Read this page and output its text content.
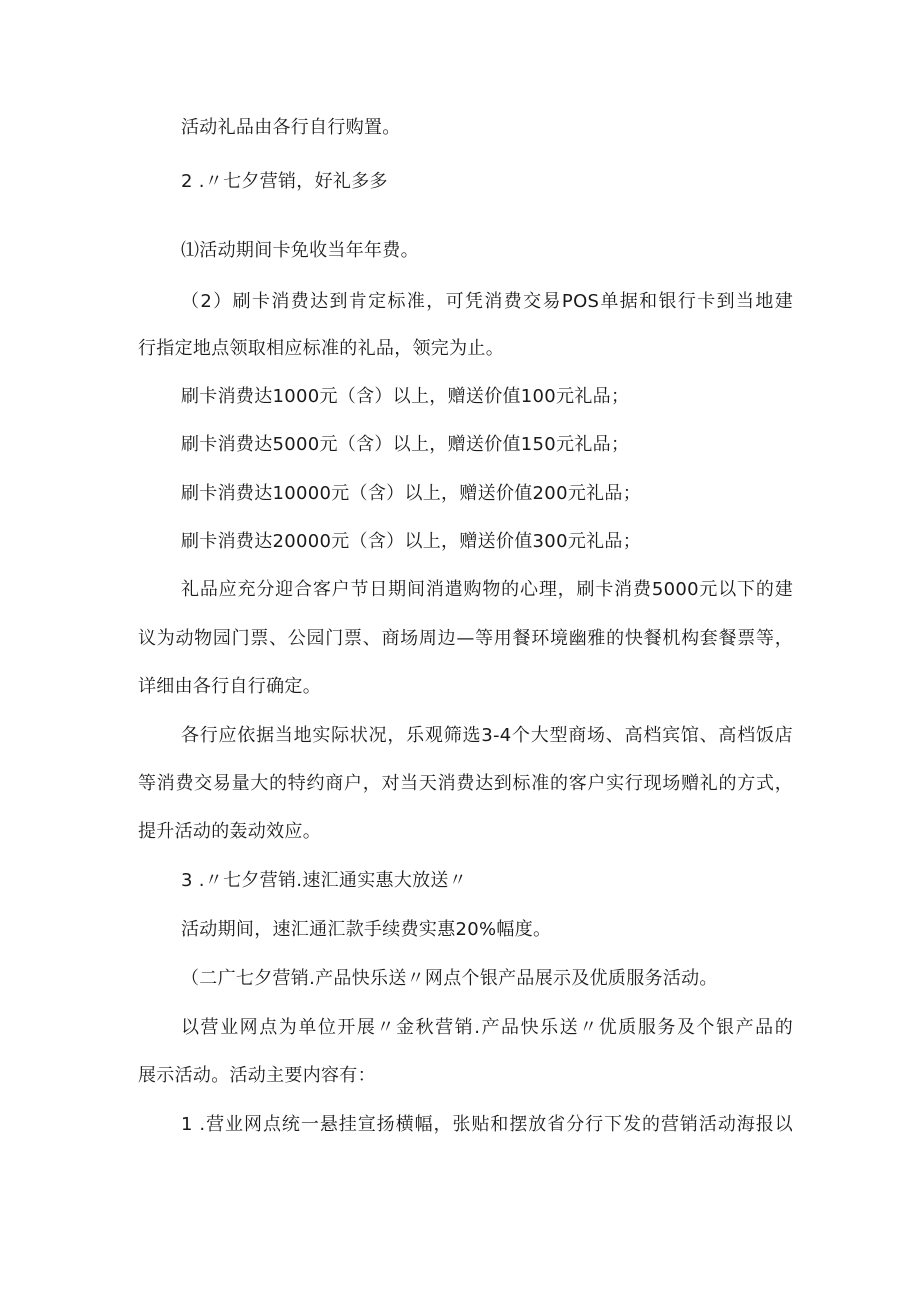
活动礼品由各行自行购置。
2 .〃七夕营销，好礼多多
⑴活动期间卡免收当年年费。
（2）刷卡消费达到肯定标准，可凭消费交易POS单据和银行卡到当地建
行指定地点领取相应标准的礼品，领完为止。
刷卡消费达1000元（含）以上，赠送价值100元礼品；
刷卡消费达5000元（含）以上，赠送价值150元礼品；
刷卡消费达10000元（含）以上，赠送价值200元礼品；
刷卡消费达20000元（含）以上，赠送价值300元礼品；
礼品应充分迎合客户节日期间消遣购物的心理，刷卡消费5000元以下的建
议为动物园门票、公园门票、商场周边—等用餐环境幽雅的快餐机构套餐票等，
详细由各行自行确定。
各行应依据当地实际状况，乐观筛选3-4个大型商场、高档宾馆、高档饭店
等消费交易量大的特约商户，对当天消费达到标准的客户实行现场赠礼的方式，
提升活动的轰动效应。
3 .〃七夕营销.速汇通实惠大放送〃
活动期间，速汇通汇款手续费实惠20%幅度。
（二广七夕营销.产品快乐送〃网点个银产品展示及优质服务活动。
以营业网点为单位开展〃金秋营销.产品快乐送〃优质服务及个银产品的
展示活动。活动主要内容有：
1 .营业网点统一悬挂宣扬横幅，张贴和摆放省分行下发的营销活动海报以
